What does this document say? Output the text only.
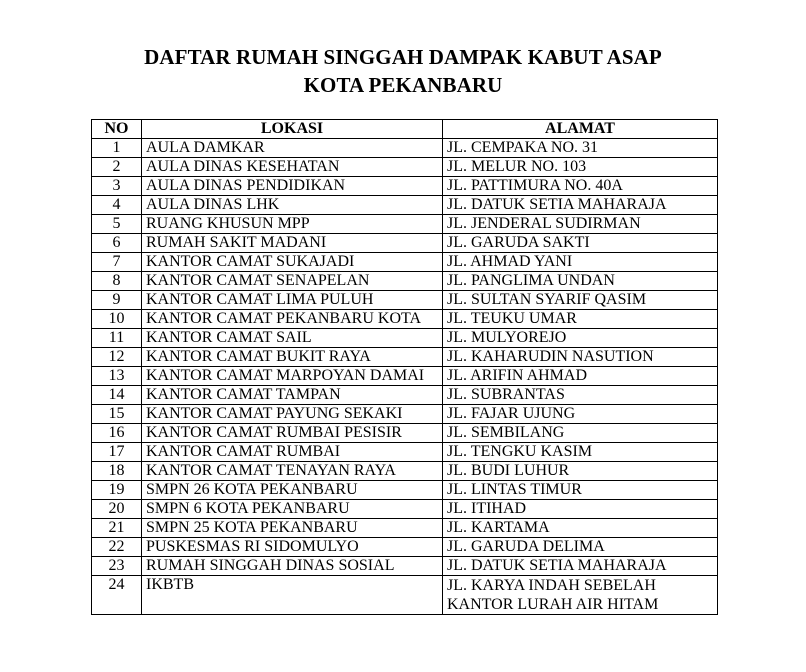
DAFTAR RUMAH SINGGAH DAMPAK KABUT ASAP
KOTA PEKANBARU
NO	LOKASI	ALAMAT
1	AULA DAMKAR	JL. CEMPAKA NO. 31
2	AULA DINAS KESEHATAN	JL. MELUR NO. 103
3	AULA DINAS PENDIDIKAN	JL. PATTIMURA NO. 40A
4	AULA DINAS LHK	JL. DATUK SETIA MAHARAJA
5	RUANG KHUSUN MPP	JL. JENDERAL SUDIRMAN
6	RUMAH SAKIT MADANI	JL. GARUDA SAKTI
7	KANTOR CAMAT SUKAJADI	JL. AHMAD YANI
8	KANTOR CAMAT SENAPELAN	JL. PANGLIMA UNDAN
9	KANTOR CAMAT LIMA PULUH	JL. SULTAN SYARIF QASIM
10	KANTOR CAMAT PEKANBARU KOTA	JL. TEUKU UMAR
11	KANTOR CAMAT SAIL	JL. MULYOREJO
12	KANTOR CAMAT BUKIT RAYA	JL. KAHARUDIN NASUTION
13	KANTOR CAMAT MARPOYAN DAMAI	JL. ARIFIN AHMAD
14	KANTOR CAMAT TAMPAN	JL. SUBRANTAS
15	KANTOR CAMAT PAYUNG SEKAKI	JL. FAJAR UJUNG
16	KANTOR CAMAT RUMBAI PESISIR	JL. SEMBILANG
17	KANTOR CAMAT RUMBAI	JL. TENGKU KASIM
18	KANTOR CAMAT TENAYAN RAYA	JL. BUDI LUHUR
19	SMPN 26 KOTA PEKANBARU	JL. LINTAS TIMUR
20	SMPN 6 KOTA PEKANBARU	JL. ITIHAD
21	SMPN 25 KOTA PEKANBARU	JL. KARTAMA
22	PUSKESMAS RI SIDOMULYO	JL. GARUDA DELIMA
23	RUMAH SINGGAH DINAS SOSIAL	JL. DATUK SETIA MAHARAJA
24	IKBTB	JL. KARYA INDAH SEBELAH KANTOR LURAH AIR HITAM
